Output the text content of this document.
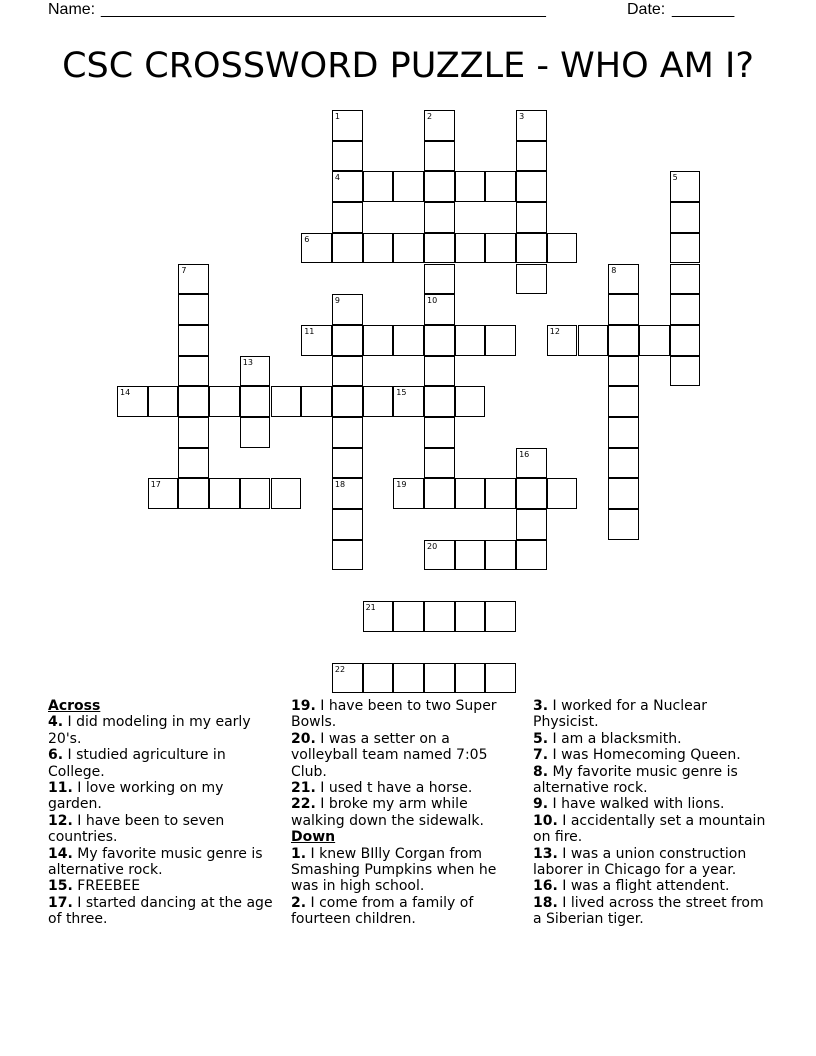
Name: __________________________________________________	Date: _______
CSC CROSSWORD PUZZLE - WHO AM I?
1
4
2
10
3
5
6
7	8
9
11	12
13
14	15
16
17	18	19
20
21
22
Across
4. I did modeling in my early 20's.
6. I studied agriculture in College.
11. I love working on my garden.
12. I have been to seven countries.
14. My favorite music genre is alternative rock.
15. FREEBEE
17. I started dancing at the age of three.
19. I have been to two Super Bowls.
20. I was a setter on a volleyball team named 7:05 Club.
21. I used t have a horse.
22. I broke my arm while walking down the sidewalk.
Down
1. I knew BIlly Corgan from Smashing Pumpkins when he was in high school.
2. I come from a family of fourteen children.
3. I worked for a Nuclear Physicist.
5. I am a blacksmith.
7. I was Homecoming Queen.
8. My favorite music genre is alternative rock.
9. I have walked with lions.
10. I accidentally set a mountain on fire.
13. I was a union construction laborer in Chicago for a year.
16. I was a flight attendent.
18. I lived across the street from a Siberian tiger.
